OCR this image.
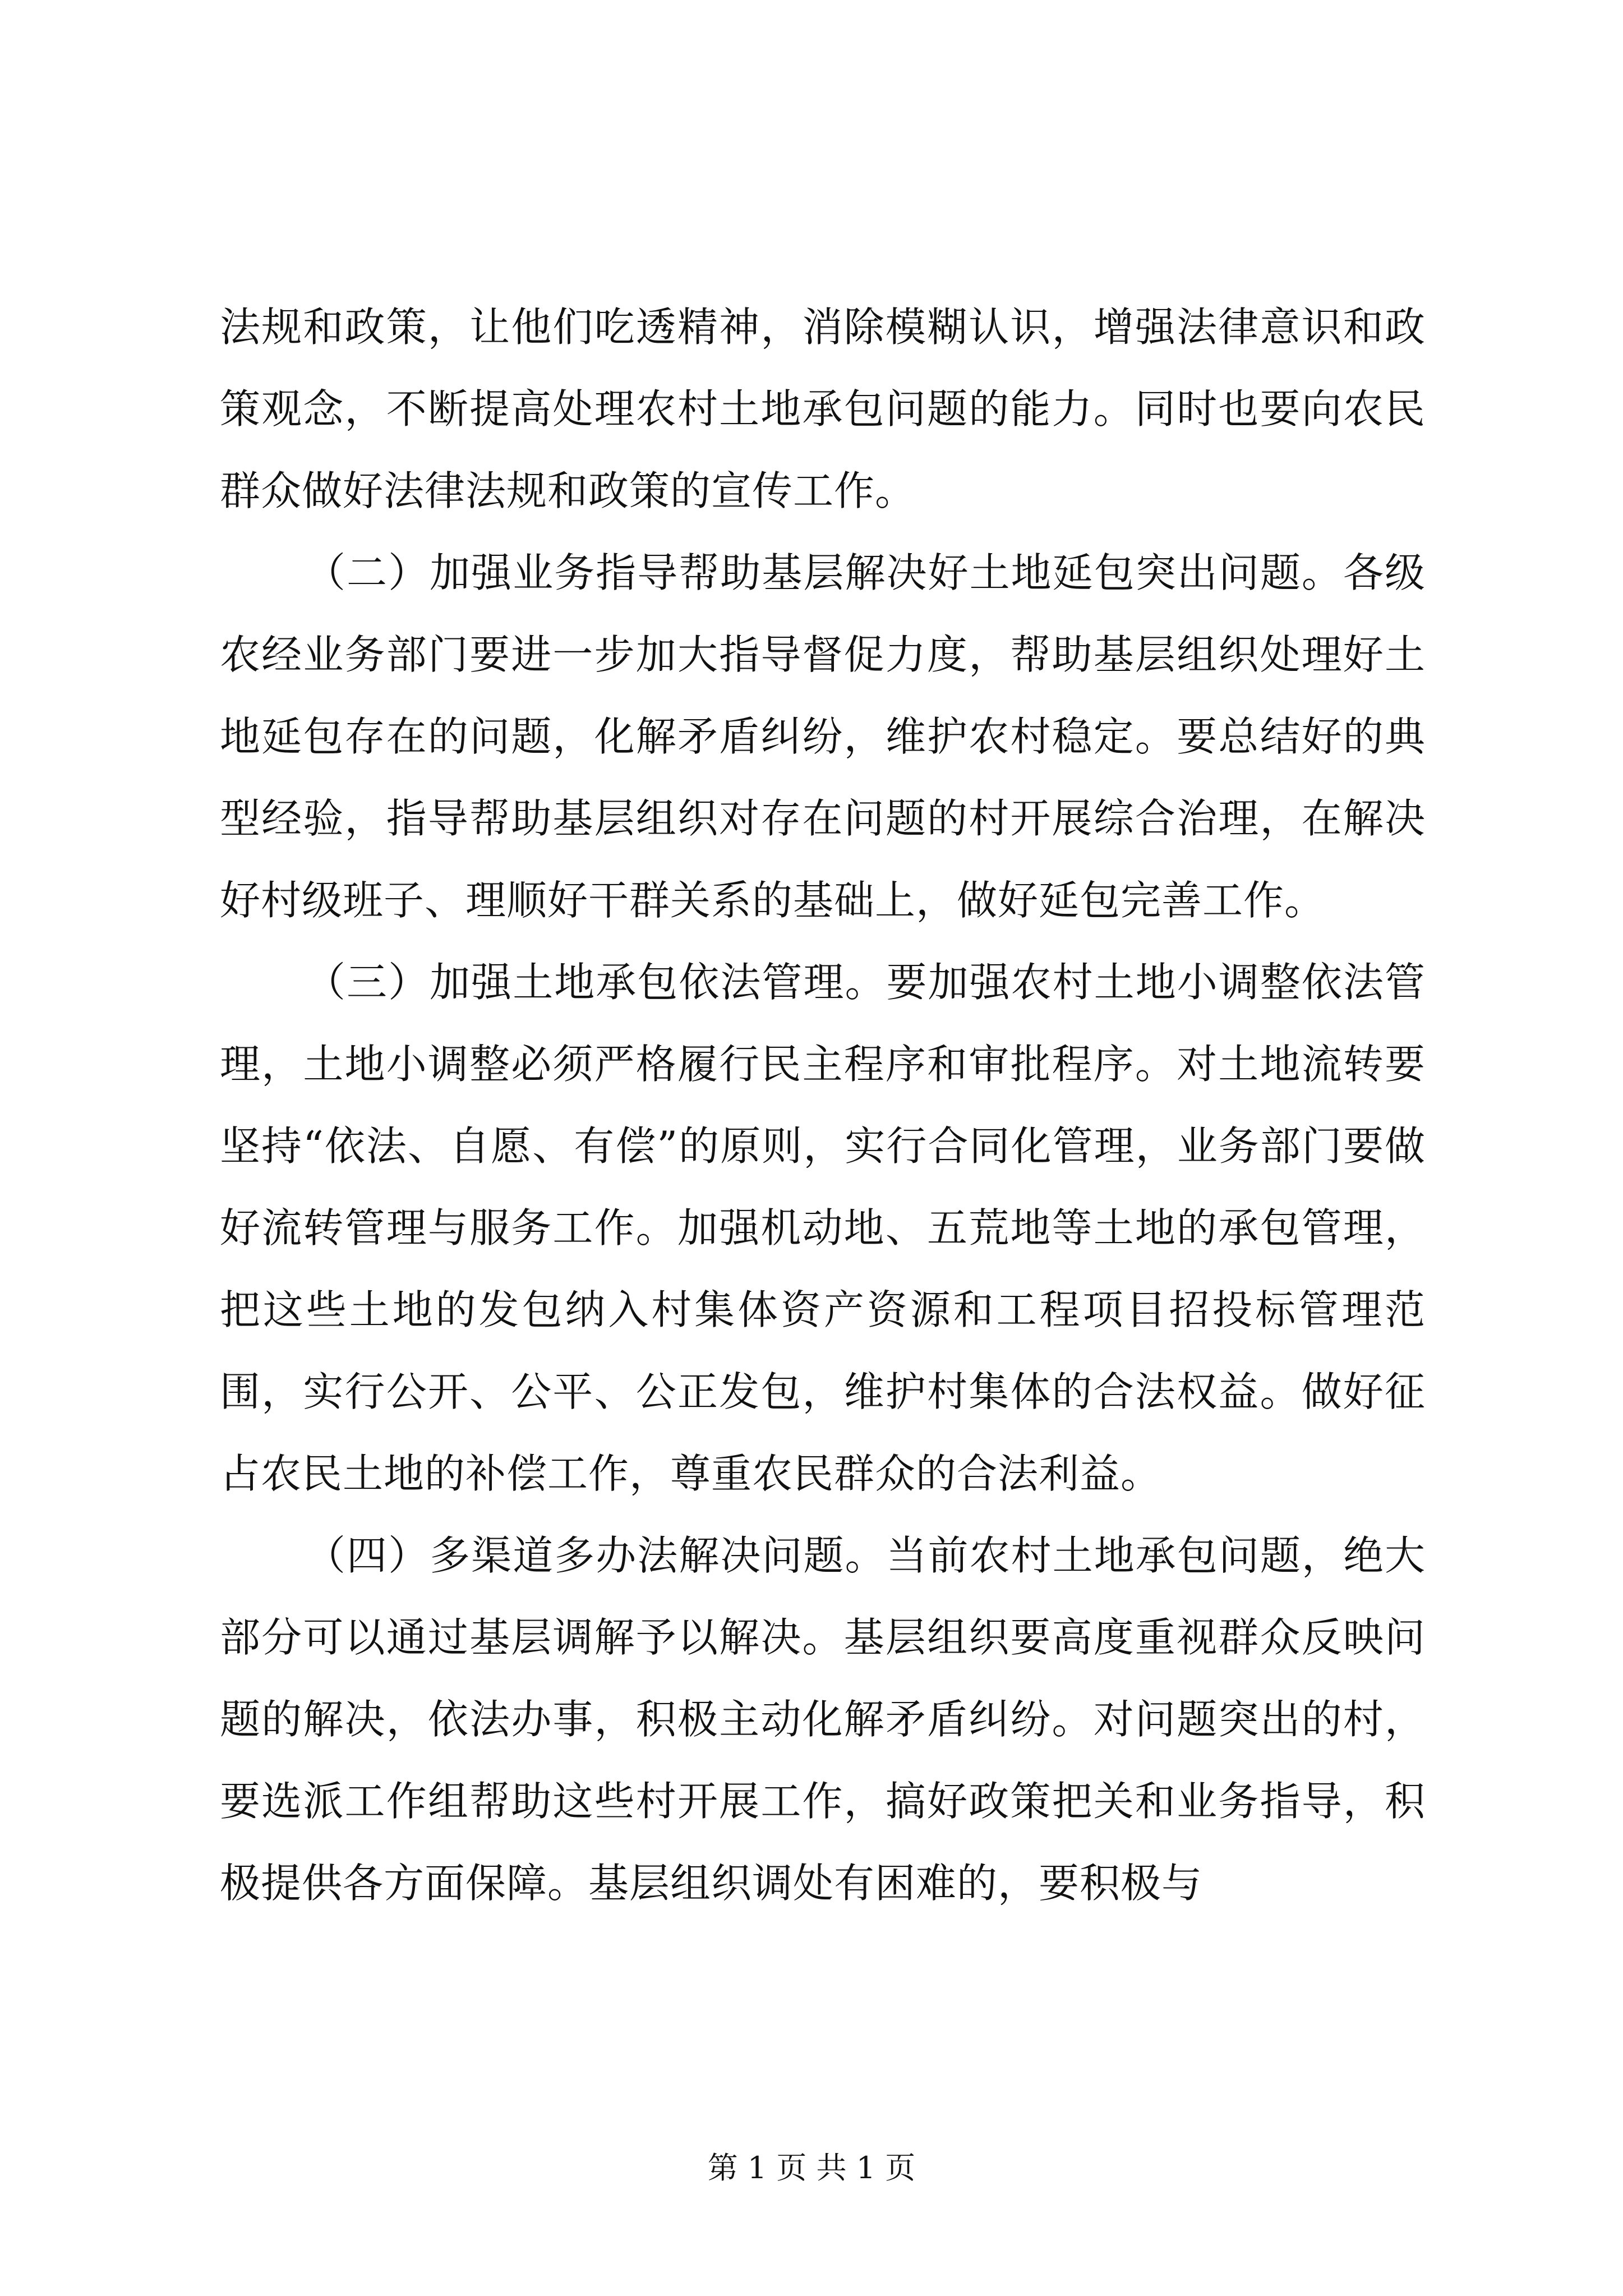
法规和政策，让他们吃透精神，消除模糊认识，增强法律意识和政策观念，不断提高处理农村土地承包问题的能力。同时也要向农民群众做好法律法规和政策的宣传工作。

（二）加强业务指导帮助基层解决好土地延包突出问题。各级农经业务部门要进一步加大指导督促力度，帮助基层组织处理好土地延包存在的问题，化解矛盾纠纷，维护农村稳定。要总结好的典型经验，指导帮助基层组织对存在问题的村开展综合治理，在解决好村级班子、理顺好干群关系的基础上，做好延包完善工作。

（三）加强土地承包依法管理。要加强农村土地小调整依法管理，土地小调整必须严格履行民主程序和审批程序。对土地流转要坚持“依法、自愿、有偿”的原则，实行合同化管理，业务部门要做好流转管理与服务工作。加强机动地、五荒地等土地的承包管理，把这些土地的发包纳入村集体资产资源和工程项目招投标管理范围，实行公开、公平、公正发包，维护村集体的合法权益。做好征占农民土地的补偿工作，尊重农民群众的合法利益。

（四）多渠道多办法解决问题。当前农村土地承包问题，绝大部分可以通过基层调解予以解决。基层组织要高度重视群众反映问题的解决，依法办事，积极主动化解矛盾纠纷。对问题突出的村，要选派工作组帮助这些村开展工作，搞好政策把关和业务指导，积极提供各方面保障。基层组织调处有困难的，要积极与

第 1 页 共 1 页
